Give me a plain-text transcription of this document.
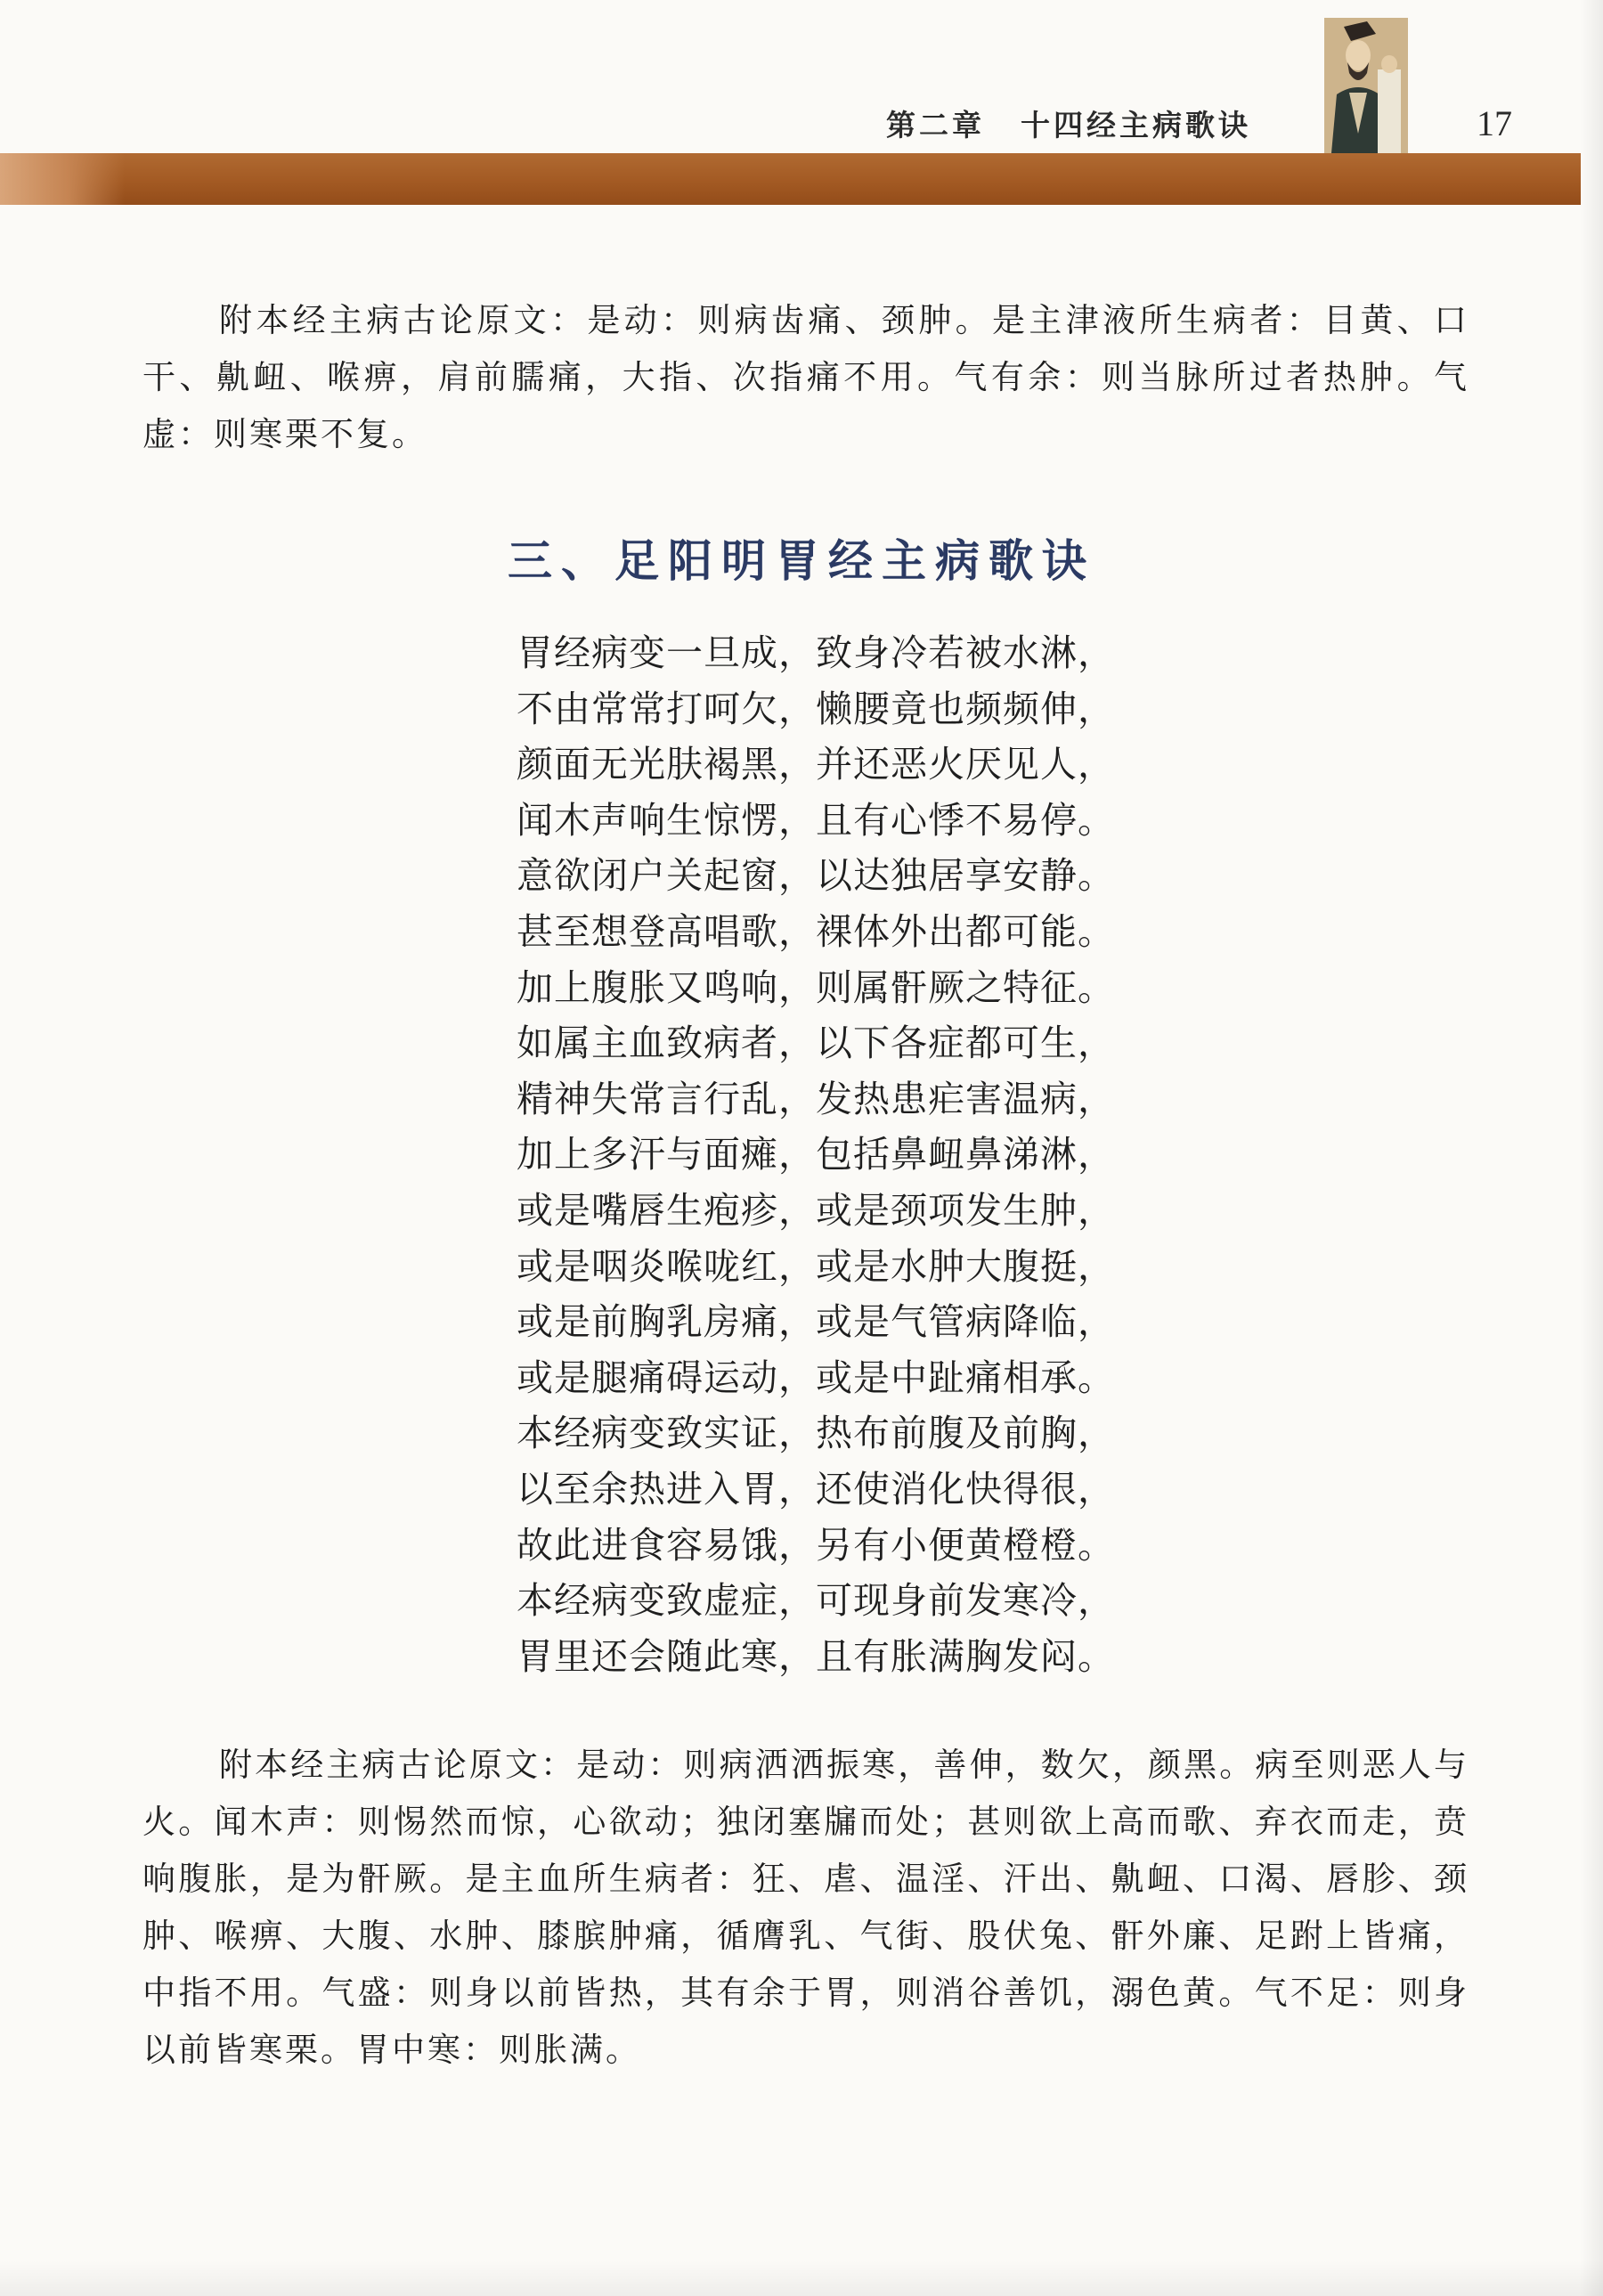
第二章 十四经主病歌诀	17

附本经主病古论原文：是动：则病齿痛、颈肿。是主津液所生病者：目黄、口干、鼽衄、喉痹，肩前臑痛，大指、次指痛不用。气有余：则当脉所过者热肿。气虚：则寒栗不复。

三、足阳明胃经主病歌诀
胃经病变一旦成，致身冷若被水淋，
不由常常打呵欠，懒腰竟也频频伸，
颜面无光肤褐黑，并还恶火厌见人，
闻木声响生惊愣，且有心悸不易停。
意欲闭户关起窗，以达独居享安静。
甚至想登高唱歌，裸体外出都可能。
加上腹胀又鸣响，则属骭厥之特征。
如属主血致病者，以下各症都可生，
精神失常言行乱，发热患疟害温病，
加上多汗与面瘫，包括鼻衄鼻涕淋，
或是嘴唇生疱疹，或是颈项发生肿，
或是咽炎喉咙红，或是水肿大腹挺，
或是前胸乳房痛，或是气管病降临，
或是腿痛碍运动，或是中趾痛相承。
本经病变致实证，热布前腹及前胸，
以至余热进入胃，还使消化快得很，
故此进食容易饿，另有小便黄橙橙。
本经病变致虚症，可现身前发寒冷，
胃里还会随此寒，且有胀满胸发闷。

附本经主病古论原文：是动：则病洒洒振寒，善伸，数欠，颜黑。病至则恶人与火。闻木声：则惕然而惊，心欲动；独闭塞牖而处；甚则欲上高而歌、弃衣而走，贲响腹胀，是为骭厥。是主血所生病者：狂、虐、温淫、汗出、鼽衄、口渴、唇胗、颈肿、喉痹、大腹、水肿、膝膑肿痛，循膺乳、气街、股伏兔、骭外廉、足跗上皆痛，中指不用。气盛：则身以前皆热，其有余于胃，则消谷善饥，溺色黄。气不足：则身以前皆寒栗。胃中寒：则胀满。
